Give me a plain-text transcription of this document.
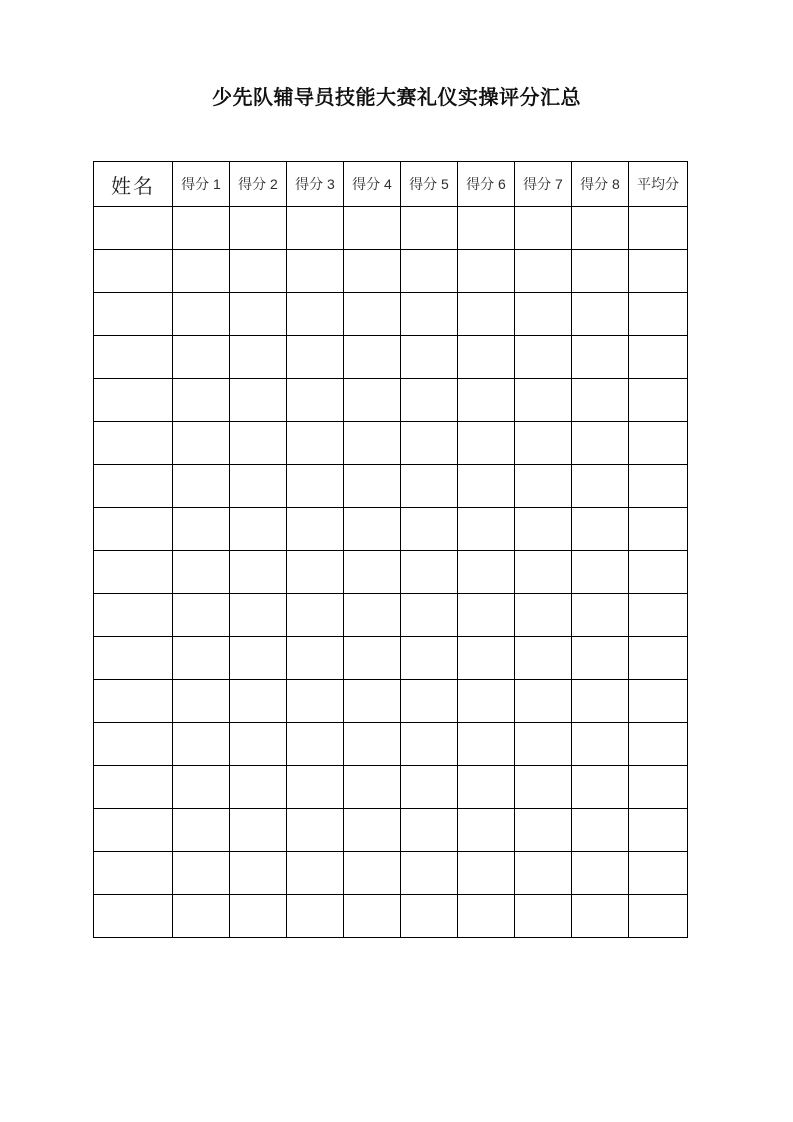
少先队辅导员技能大赛礼仪实操评分汇总
姓名	得分 1	得分 2	得分 3	得分 4	得分 5	得分 6	得分 7	得分 8	平均分
